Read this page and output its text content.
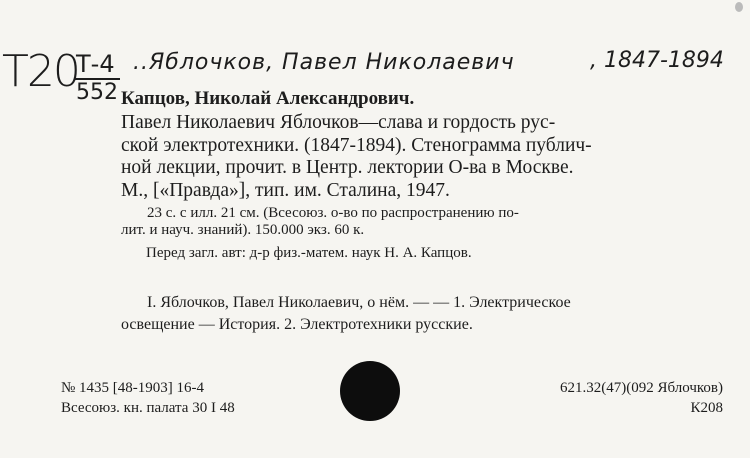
Т20
Т-4
552
..Яблочков, Павел Николаевич	, 1847-1894
Капцов, Николай Александрович.
Павел Николаевич Яблочков—слава и гордость рус-
ской электротехники. (1847-1894). Стенограмма публич-
ной лекции, прочит. в Центр. лектории О-ва в Москве.
М., [«Правда»], тип. им. Сталина, 1947.
23 с. с илл. 21 см. (Всесоюз. о-во по распространению по-
лит. и науч. знаний). 150.000 экз. 60 к.
Перед загл. авт: д-р физ.-матем. наук Н. А. Капцов.
I. Яблочков, Павел Николаевич, о нём. — — 1. Электрическое
освещение — История. 2. Электротехники русские.
№ 1435 [48-1903] 16-4
Всесоюз. кн. палата 30 I 48
621.32(47)(092 Яблочков)
К208
